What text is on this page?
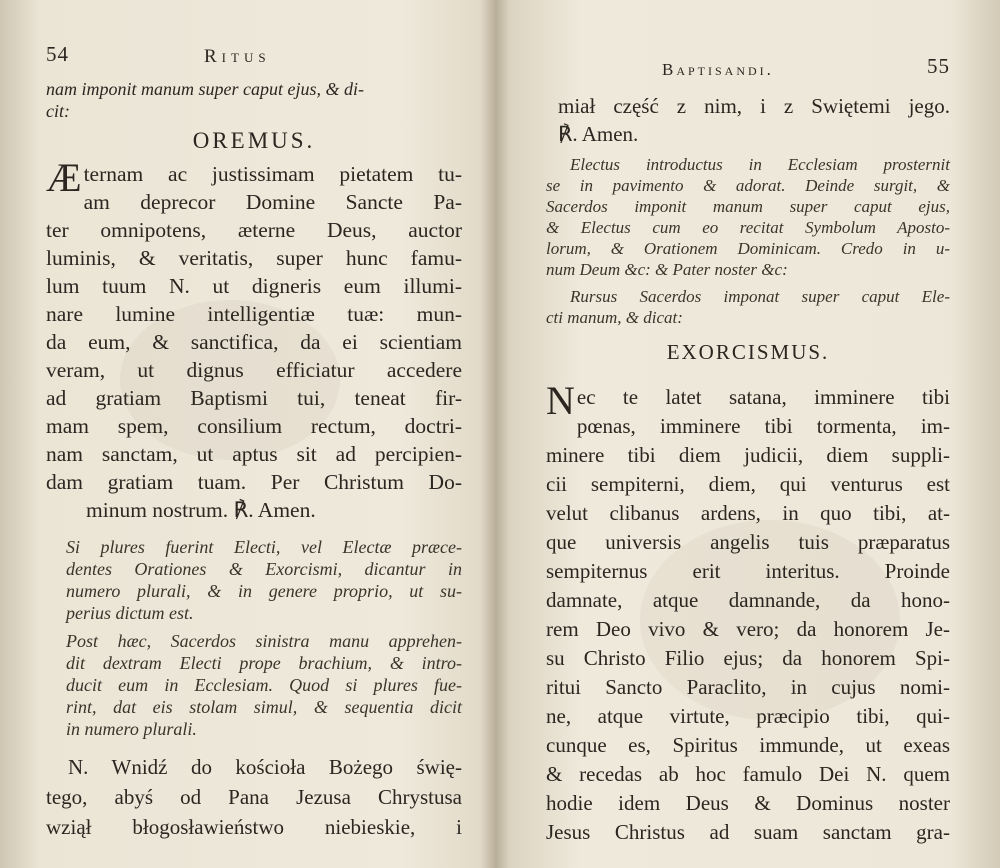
54	Ritus
nam imponit manum super caput ejus, & di-
cit:
OREMUS.
Æternam ac justissimam pietatem tu-
am deprecor Domine Sancte Pa-
ter omnipotens, æterne Deus, auctor
luminis, & veritatis, super hunc famu-
lum tuum N. ut digneris eum illumi-
nare lumine intelligentiæ tuæ: mun-
da eum, & sanctifica, da ei scientiam
veram, ut dignus efficiatur accedere
ad gratiam Baptismi tui, teneat fir-
mam spem, consilium rectum, doctri-
nam sanctam, ut aptus sit ad percipien-
dam gratiam tuam. Per Christum Do-
minum nostrum. ℟. Amen.
Si plures fuerint Electi, vel Electæ præce-
dentes Orationes & Exorcismi, dicantur in
numero plurali, & in genere proprio, ut su-
perius dictum est.
Post hæc, Sacerdos sinistra manu apprehen-
dit dextram Electi prope brachium, & intro-
ducit eum in Ecclesiam. Quod si plures fue-
rint, dat eis stolam simul, & sequentia dicit
in numero plurali.
N. Wnidź do kościoła Bożego świę-
tego, abyś od Pana Jezusa Chrystusa
wziął błogosławieństwo niebieskie, i
Baptisandi.	55
miał część z nim, i z Swiętemi jego.
℟. Amen.
Electus introductus in Ecclesiam prosternit
se in pavimento & adorat. Deinde surgit, &
Sacerdos imponit manum super caput ejus,
& Electus cum eo recitat Symbolum Aposto-
lorum, & Orationem Dominicam. Credo in u-
num Deum &c: & Pater noster &c:
Rursus Sacerdos imponat super caput Ele-
cti manum, & dicat:
EXORCISMUS.
Nec te latet satana, imminere tibi
pœnas, imminere tibi tormenta, im-
minere tibi diem judicii, diem suppli-
cii sempiterni, diem, qui venturus est
velut clibanus ardens, in quo tibi, at-
que universis angelis tuis præparatus
sempiternus erit interitus. Proinde
damnate, atque damnande, da hono-
rem Deo vivo & vero; da honorem Je-
su Christo Filio ejus; da honorem Spi-
ritui Sancto Paraclito, in cujus nomi-
ne, atque virtute, præcipio tibi, qui-
cunque es, Spiritus immunde, ut exeas
& recedas ab hoc famulo Dei N. quem
hodie idem Deus & Dominus noster
Jesus Christus ad suam sanctam gra-
